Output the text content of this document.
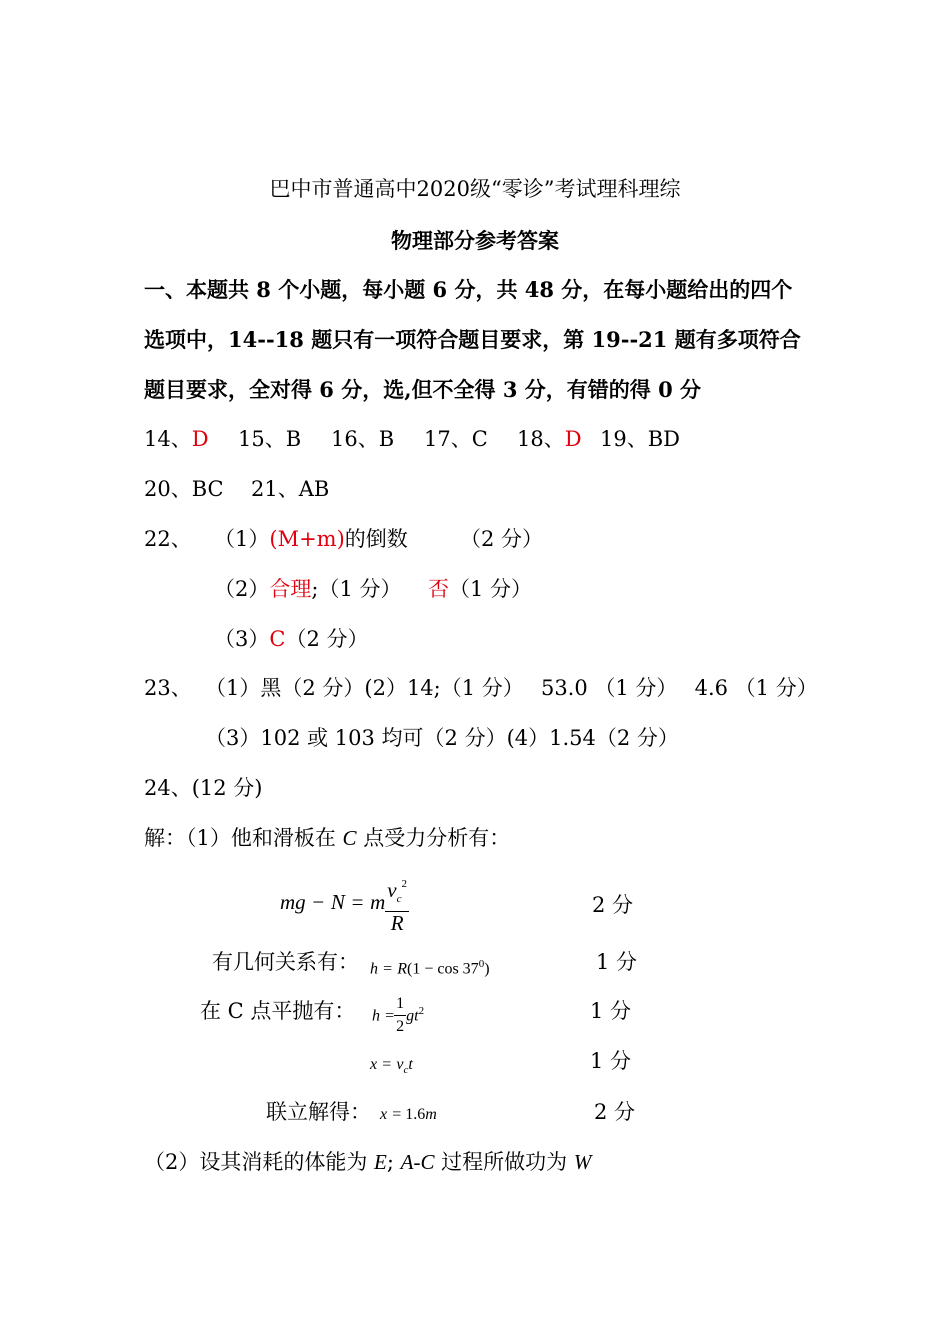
巴中市普通高中2020级“零诊”考试理科理综
物理部分参考答案
一、本题共 8 个小题，每小题 6 分，共 48 分，在每小题给出的四个
选项中，14--18 题只有一项符合题目要求，第 19--21 题有多项符合
题目要求，全对得 6 分，选,但不全得 3 分，有错的得 0 分
14、D 15、B 16、B 17、C 18、D 19、BD
20、BC 21、AB
22、 （1）(M+m)的倒数 （2 分）
（2）合理;（1 分） 否（1 分）
（3）C（2 分）
23、 （1）黑（2 分）(2）14;（1 分）　 53.0 （1 分）　 4.6 （1 分）
（3）102 或 103 均可（2 分）(4）1.54（2 分）
24、(12 分)
解：（1）他和滑板在 C 点受力分析有：
mg − N = m $\frac{v_c^2}{R}$	2 分
有几何关系有： $h = R(1 - \cos 37^0)$	1 分
在 C 点平抛有： $h = \frac{1}{2} gt^2$	1 分
$x = v_ct$	1 分
联立解得： x = 1.6m	2 分
（2）设其消耗的体能为 E; A-C 过程所做功为 W
